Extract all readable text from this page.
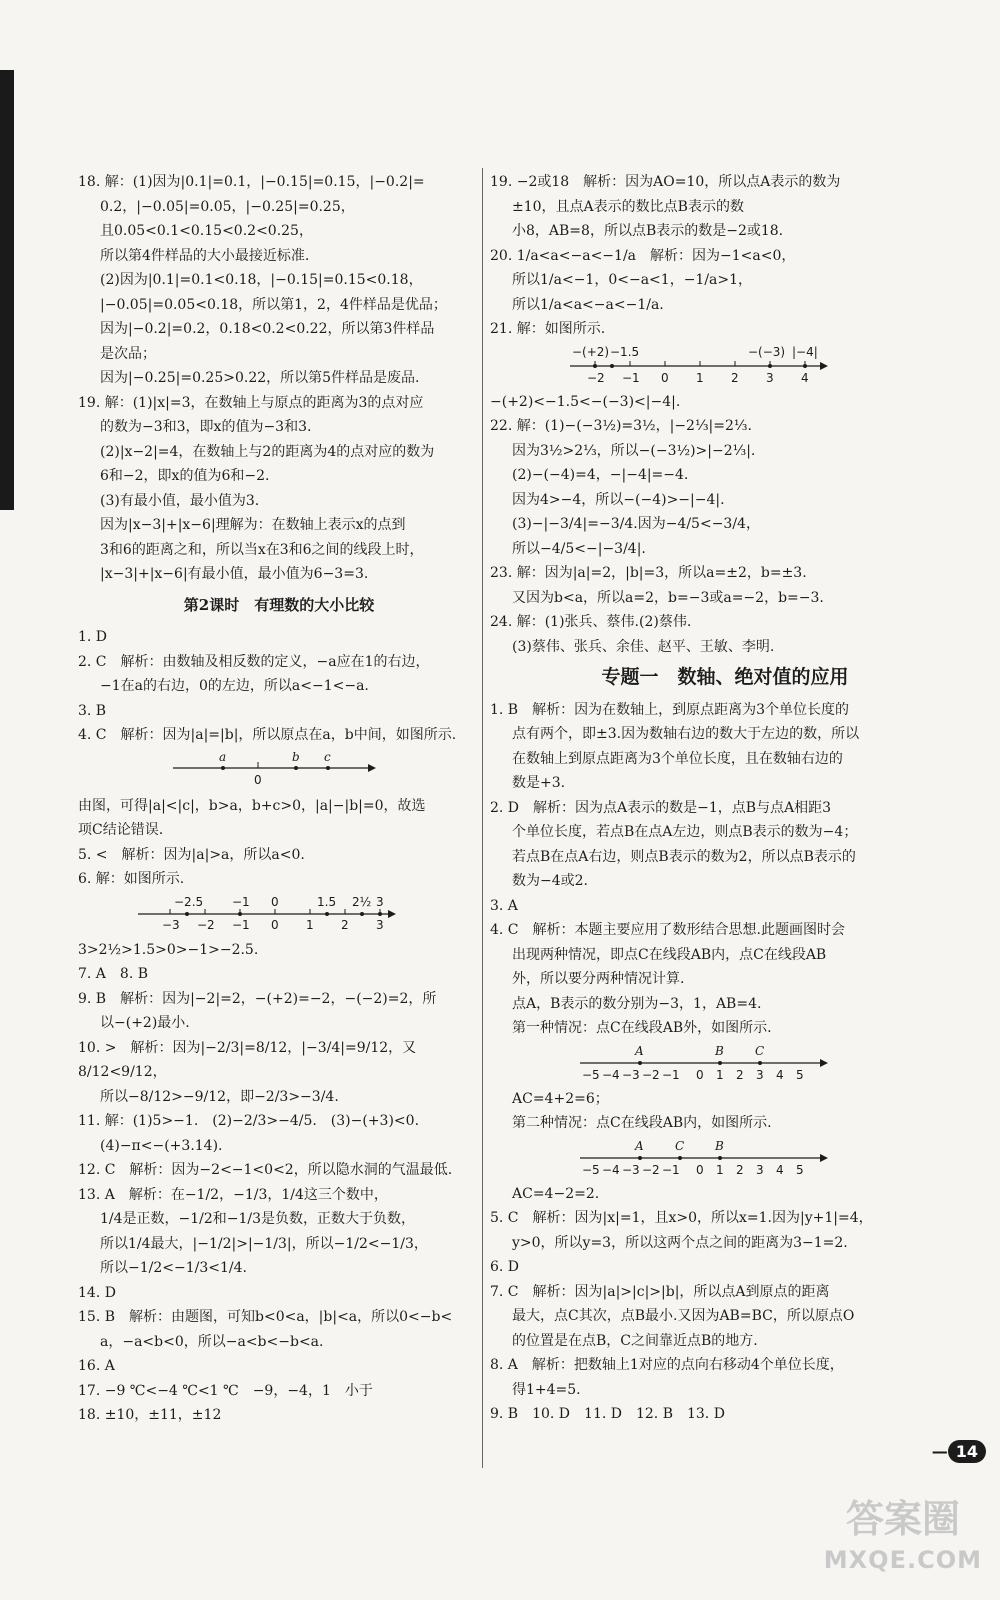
18. 解：(1)因为|0.1|=0.1，|−0.15|=0.15，|−0.2|=

0.2，|−0.05|=0.05，|−0.25|=0.25，

且0.05<0.1<0.15<0.2<0.25，

所以第4件样品的大小最接近标准.

(2)因为|0.1|=0.1<0.18，|−0.15|=0.15<0.18，

|−0.05|=0.05<0.18，所以第1，2，4件样品是优品；

因为|−0.2|=0.2，0.18<0.2<0.22，所以第3件样品

是次品；

因为|−0.25|=0.25>0.22，所以第5件样品是废品.

19. 解：(1)|x|=3，在数轴上与原点的距离为3的点对应

的数为−3和3，即x的值为−3和3.

(2)|x−2|=4，在数轴上与2的距离为4的点对应的数为

6和−2，即x的值为6和−2.

(3)有最小值，最小值为3.

因为|x−3|+|x−6|理解为：在数轴上表示x的点到

3和6的距离之和，所以当x在3和6之间的线段上时，

|x−3|+|x−6|有最小值，最小值为6−3=3.

第2课时　有理数的大小比较

1. D

2. C　解析：由数轴及相反数的定义，−a应在1的右边，

−1在a的右边，0的左边，所以a<−1<−a.

3. B

4. C　解析：因为|a|=|b|，所以原点在a，b中间，如图所示.

a	b c
0

由图，可得|a|<|c|，b>a，b+c>0，|a|−|b|=0，故选

项C结论错误.

5. <　解析：因为|a|>a，所以a<0.

6. 解：如图所示.

−2.5 −1 0	1.5 2½ 3
−3 −2 −1 0 1 2 3

3>2½>1.5>0>−1>−2.5.

7. A　8. B

9. B　解析：因为|−2|=2，−(+2)=−2，−(−2)=2，所

以−(+2)最小.

10. >　解析：因为|−2/3|=8/12，|−3/4|=9/12，又8/12<9/12，

所以−8/12>−9/12，即−2/3>−3/4.

11. 解：(1)5>−1.　(2)−2/3>−4/5.　(3)−(+3)<0.

(4)−π<−(+3.14).

12. C　解析：因为−2<−1<0<2，所以隐水洞的气温最低.

13. A　解析：在−1/2，−1/3，1/4这三个数中，

1/4是正数，−1/2和−1/3是负数，正数大于负数，

所以1/4最大，|−1/2|>|−1/3|，所以−1/2<−1/3，

所以−1/2<−1/3<1/4.

14. D

15. B　解析：由题图，可知b<0<a，|b|<a，所以0<−b<

a，−a<b<0，所以−a<b<−b<a.

16. A

17. −9 ℃<−4 ℃<1 ℃　−9，−4，1　小于

18. ±10，±11，±12

19. −2或18　解析：因为AO=10，所以点A表示的数为

±10，且点A表示的数比点B表示的数

小8，AB=8，所以点B表示的数是−2或18.

20. 1/a<a<−a<−1/a　解析：因为−1<a<0，

所以1/a<−1，0<−a<1，−1/a>1，

所以1/a<a<−a<−1/a.

21. 解：如图所示.

−(+2) −1.5	−(−3) |−4|
−2 −1 0 1 2 3 4

−(+2)<−1.5<−(−3)<|−4|.

22. 解：(1)−(−3½)=3½，|−2⅓|=2⅓.

因为3½>2⅓，所以−(−3½)>|−2⅓|.

(2)−(−4)=4，−|−4|=−4.

因为4>−4，所以−(−4)>−|−4|.

(3)−|−3/4|=−3/4.因为−4/5<−3/4，

所以−4/5<−|−3/4|.

23. 解：因为|a|=2，|b|=3，所以a=±2，b=±3.

又因为b<a，所以a=2，b=−3或a=−2，b=−3.

24. 解：(1)张兵、蔡伟.(2)蔡伟.

(3)蔡伟、张兵、余佳、赵平、王敏、李明.

专题一　数轴、绝对值的应用

1. B　解析：因为在数轴上，到原点距离为3个单位长度的

点有两个，即±3.因为数轴右边的数大于左边的数，所以

在数轴上到原点距离为3个单位长度，且在数轴右边的

数是+3.

2. D　解析：因为点A表示的数是−1，点B与点A相距3

个单位长度，若点B在点A左边，则点B表示的数为−4；

若点B在点A右边，则点B表示的数为2，所以点B表示的

数为−4或2.

3. A

4. C　解析：本题主要应用了数形结合思想.此题画图时会

出现两种情况，即点C在线段AB内，点C在线段AB

外，所以要分两种情况计算.

点A，B表示的数分别为−3，1，AB=4.

第一种情况：点C在线段AB外，如图所示.

A	B	C
−5 −4 −3 −2 −1 0 1 2 3 4 5

AC=4+2=6；

第二种情况：点C在线段AB内，如图所示.

A	C	B
−5 −4 −3 −2 −1 0 1 2 3 4 5

AC=4−2=2.

5. C　解析：因为|x|=1，且x>0，所以x=1.因为|y+1|=4，

y>0，所以y=3，所以这两个点之间的距离为3−1=2.

6. D

7. C　解析：因为|a|>|c|>|b|，所以点A到原点的距离

最大，点C其次，点B最小.又因为AB=BC，所以原点O

的位置是在点B，C之间靠近点B的地方.

8. A　解析：把数轴上1对应的点向右移动4个单位长度，

得1+4=5.

9. B　10. D　11. D　12. B　13. D

— 14
答案圈
MXQE.COM
